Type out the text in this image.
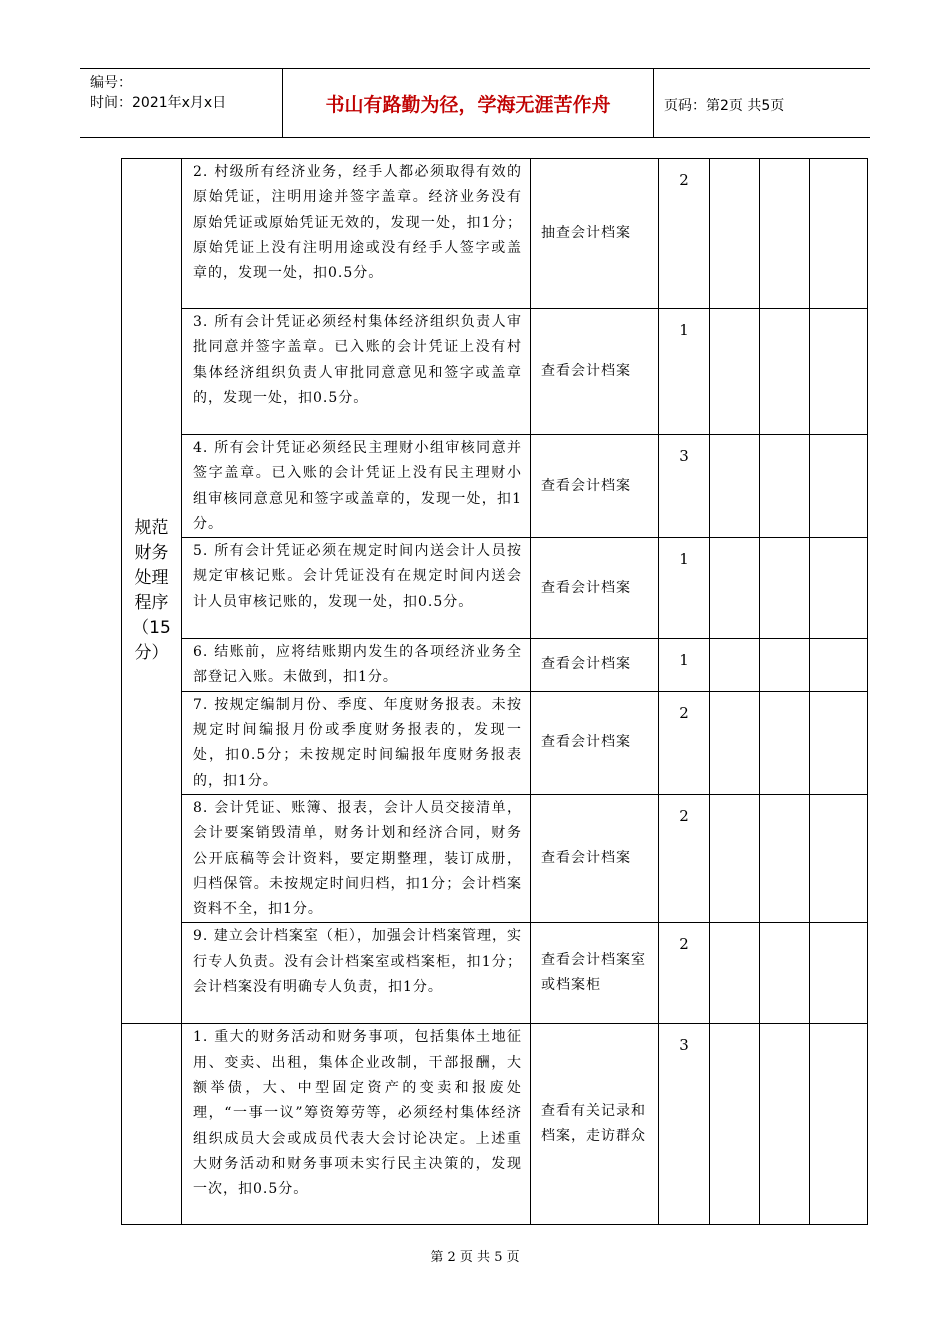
编号：
时间：2021年x月x日	书山有路勤为径，学海无涯苦作舟	页码：第2页 共5页
规范财务处理程序（15分）	2. 村级所有经济业务，经手人都必须取得有效的原始凭证，注明用途并签字盖章。经济业务没有原始凭证或原始凭证无效的，发现一处，扣1分；原始凭证上没有注明用途或没有经手人签字或盖章的，发现一处，扣0.5分。	抽查会计档案	2			
	3. 所有会计凭证必须经村集体经济组织负责人审批同意并签字盖章。已入账的会计凭证上没有村集体经济组织负责人审批同意意见和签字或盖章的，发现一处，扣0.5分。	查看会计档案	1			
	4. 所有会计凭证必须经民主理财小组审核同意并签字盖章。已入账的会计凭证上没有民主理财小组审核同意意见和签字或盖章的，发现一处，扣1分。	查看会计档案	3			
	5. 所有会计凭证必须在规定时间内送会计人员按规定审核记账。会计凭证没有在规定时间内送会计人员审核记账的，发现一处，扣0.5分。	查看会计档案	1			
	6. 结账前，应将结账期内发生的各项经济业务全部登记入账。未做到，扣1分。	查看会计档案	1			
	7. 按规定编制月份、季度、年度财务报表。未按规定时间编报月份或季度财务报表的，发现一处，扣0.5分；未按规定时间编报年度财务报表的，扣1分。	查看会计档案	2			
	8. 会计凭证、账簿、报表，会计人员交接清单，会计要案销毁清单，财务计划和经济合同，财务公开底稿等会计资料，要定期整理，装订成册，归档保管。未按规定时间归档，扣1分；会计档案资料不全，扣1分。	查看会计档案	2			
	9. 建立会计档案室（柜），加强会计档案管理，实行专人负责。没有会计档案室或档案柜，扣1分；会计档案没有明确专人负责，扣1分。	查看会计档案室或档案柜	2			
	1. 重大的财务活动和财务事项，包括集体土地征用、变卖、出租，集体企业改制，干部报酬，大额举债，大、中型固定资产的变卖和报废处理，“一事一议”筹资筹劳等，必须经村集体经济组织成员大会或成员代表大会讨论决定。上述重大财务活动和财务事项未实行民主决策的，发现一次，扣0.5分。	查看有关记录和档案，走访群众	3			
第 2 页 共 5 页
